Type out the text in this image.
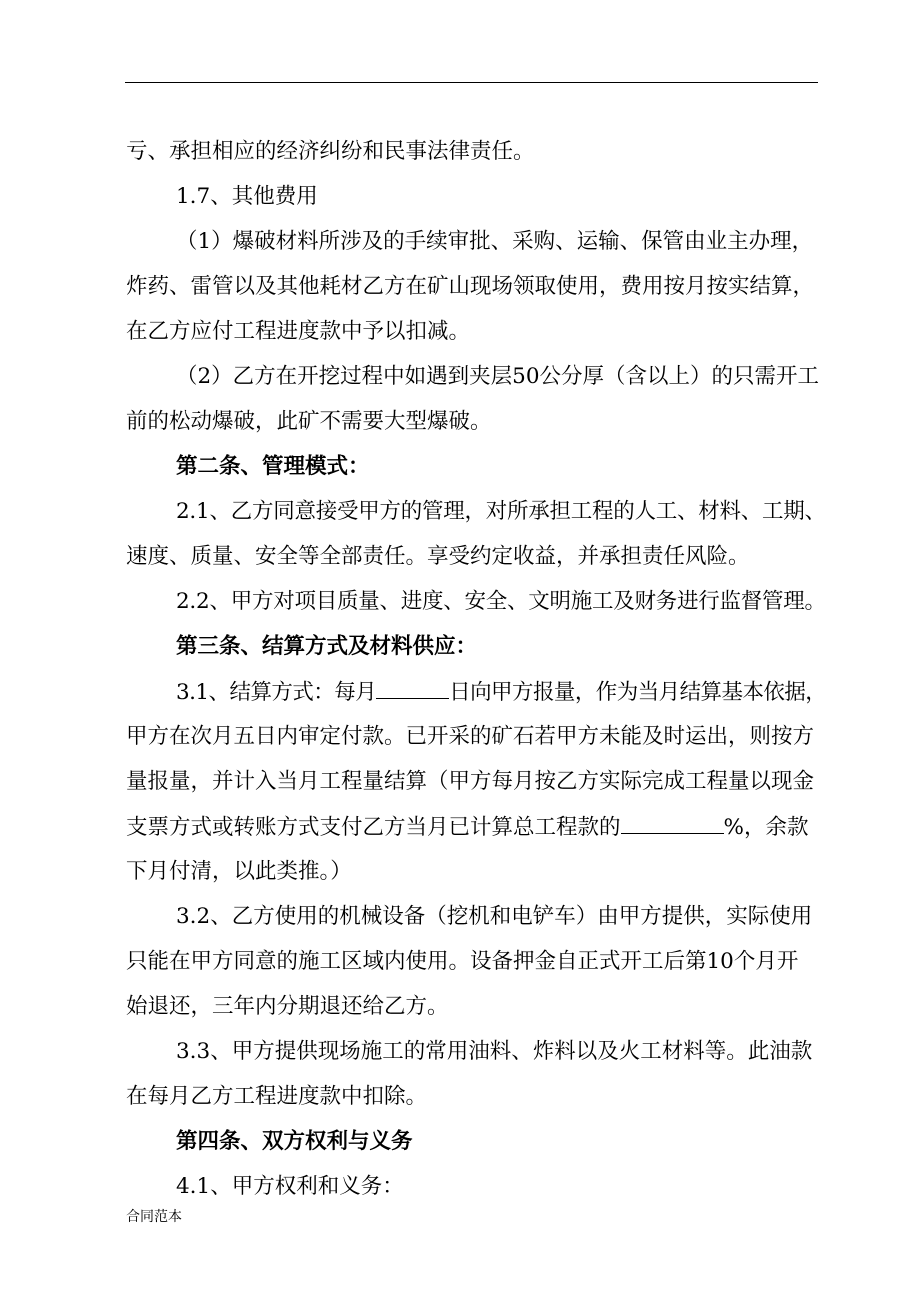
亏、承担相应的经济纠纷和民事法律责任。
1.7、其他费用
（1）爆破材料所涉及的手续审批、采购、运输、保管由业主办理，
炸药、雷管以及其他耗材乙方在矿山现场领取使用，费用按月按实结算，
在乙方应付工程进度款中予以扣减。
（2）乙方在开挖过程中如遇到夹层50公分厚（含以上）的只需开工
前的松动爆破，此矿不需要大型爆破。
第二条、管理模式：
2.1、乙方同意接受甲方的管理，对所承担工程的人工、材料、工期、
速度、质量、安全等全部责任。享受约定收益，并承担责任风险。
2.2、甲方对项目质量、进度、安全、文明施工及财务进行监督管理。
第三条、结算方式及材料供应：
3.1、结算方式：每月	日向甲方报量，作为当月结算基本依据，
甲方在次月五日内审定付款。已开采的矿石若甲方未能及时运出，则按方
量报量，并计入当月工程量结算（甲方每月按乙方实际完成工程量以现金
支票方式或转账方式支付乙方当月已计算总工程款的	%，余款
下月付清，以此类推。）
3.2、乙方使用的机械设备（挖机和电铲车）由甲方提供，实际使用
只能在甲方同意的施工区域内使用。设备押金自正式开工后第10个月开
始退还，三年内分期退还给乙方。
3.3、甲方提供现场施工的常用油料、炸料以及火工材料等。此油款
在每月乙方工程进度款中扣除。
第四条、双方权利与义务
4.1、甲方权利和义务：
合同范本
